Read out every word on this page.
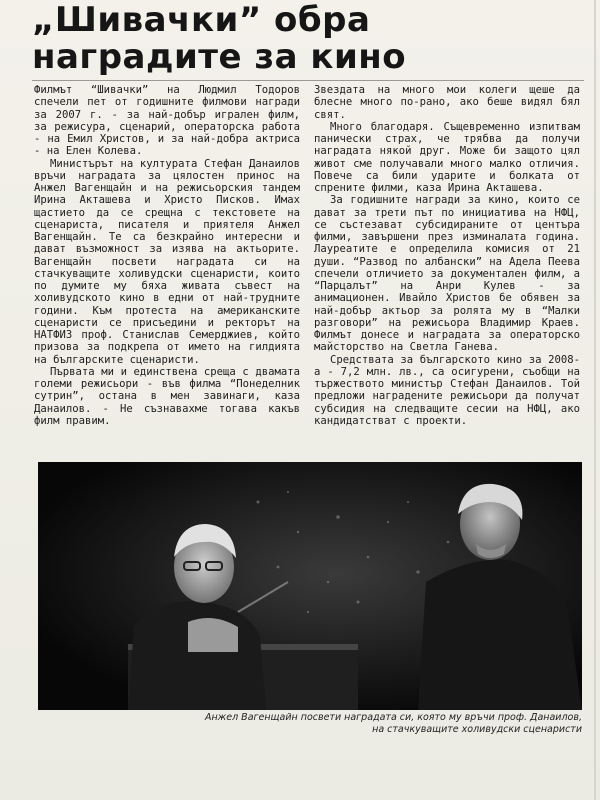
„Шивачки” обра
наградите за кино

Филмът “Шивачки” на Людмил Тодоров спечели пет от годишните филмови награди за 2007 г. - за най-добър игрален филм, за режисура, сценарий, операторска работа - на Емил Христов, и за най-добра актриса - на Елен Колева.

Министърът на културата Стефан Данаилов връчи наградата за цялостен принос на Анжел Вагенщайн и на режисьорския тандем Ирина Акташева и Христо Писков. Имах щастието да се срещна с текстовете на сценариста, писателя и приятеля Анжел Вагенщайн. Те са безкрайно интересни и дават възможност за изява на актьорите. Вагенщайн посвети наградата си на стачкуващите холивудски сценаристи, които по думите му бяха живата съвест на холивудското кино в едни от най-трудните години. Към протеста на американските сценаристи се присъедини и ректорът на НАТФИЗ проф. Станислав Семерджиев, който призова за подкрепа от името на гилдията на българските сценаристи.

Първата ми и единствена среща с двамата големи режисьори - във филма “Понеделник сутрин”, остана в мен завинаги, каза Данаилов. - Не съзнавахме тогава какъв филм правим.

Звездата на много мои колеги щеше да блесне много по-рано, ако беше видял бял свят.

Много благодаря. Същевременно изпитвам панически страх, че трябва да получи наградата някой друг. Може би защото цял живот сме получавали много малко отличия. Повече са били ударите и болката от спрените филми, каза Ирина Акташева.

За годишните награди за кино, които се дават за трети път по инициатива на НФЦ, се състезават субсидираните от центъра филми, завършени през изминалата година. Лауреатите е определила комисия от 21 души. “Развод по албански” на Адела Пеева спечели отличието за документален филм, а “Парцалът” на Анри Кулев - за анимационен. Ивайло Христов бе обявен за най-добър актьор за ролята му в “Малки разговори” на режисьора Владимир Краев. Филмът донесе и наградата за операторско майсторство на Светла Ганева.

Средствата за българското кино за 2008-а - 7,2 млн. лв., са осигурени, съобщи на тържеството министър Стефан Данаилов. Той предложи наградените режисьори да получат субсидия на следващите сесии на НФЦ, ако кандидатстват с проекти.

Анжел Вагенщайн посвети наградата си, която му връчи проф. Данаилов,
на стачкуващите холивудски сценаристи
